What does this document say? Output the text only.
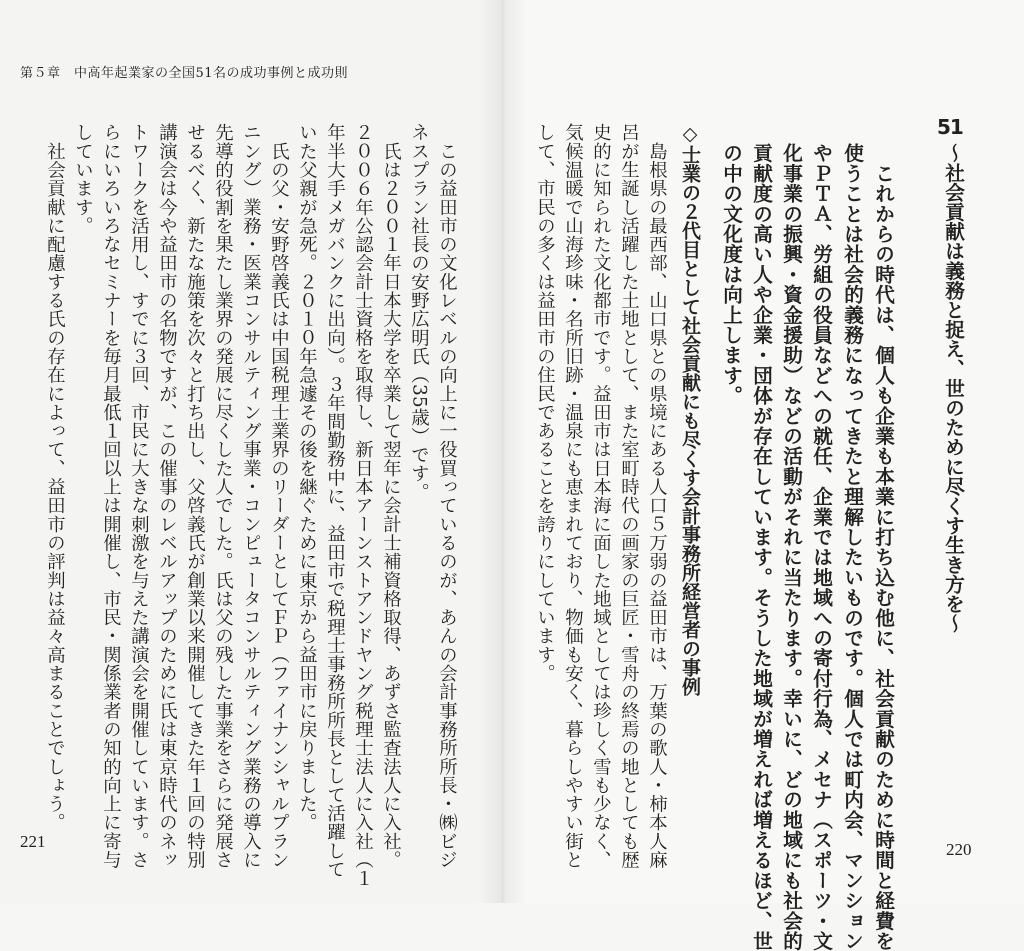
第５章　中高年起業家の全国51名の成功事例と成功則
221	220
51
〜社会貢献は義務と捉え、世のために尽くす生き方を〜
　これからの時代は、個人も企業も本業に打ち込む他に、社会貢献のために時間と経費を
使うことは社会的義務になってきたと理解したいものです。個人では町内会、マンション
やＰＴＡ、労組の役員などへの就任、企業では地域への寄付行為、メセナ（スポーツ・文
化事業の振興・資金援助）などの活動がそれに当たります。幸いに、どの地域にも社会的
貢献度の高い人や企業・団体が存在しています。そうした地域が増えれば増えるほど、世
の中の文化度は向上します。
◇士業の２代目として社会貢献にも尽くす会計事務所経営者の事例
　島根県の最西部、山口県との県境にある人口５万弱の益田市は、万葉の歌人・柿本人麻
呂が生誕し活躍した土地として、また室町時代の画家の巨匠・雪舟の終焉の地としても歴
史的に知られた文化都市です。益田市は日本海に面した地域としては珍しく雪も少なく、
気候温暖で山海珍味・名所旧跡・温泉にも恵まれており、物価も安く、暮らしやすい街と
して、市民の多くは益田市の住民であることを誇りにしています。
　この益田市の文化レベルの向上に一役買っているのが、あんの会計事務所所長・㈱ビジ
ネスプラン社長の安野広明氏（35歳）です。
　氏は２００１年日本大学を卒業して翌年に会計士補資格取得、あずさ監査法人に入社。
２００６年公認会計士資格を取得し、新日本アーンストアンドヤング税理士法人に入社（１
年半大手メガバンクに出向）。３年間勤務中に、益田市で税理士事務所所長として活躍して
いた父親が急死。２０１０年急遽その後を継ぐために東京から益田市に戻りました。
　氏の父・安野啓義氏は中国税理士業界のリーダーとしてＦＰ（ファイナンシャルプラン
ニング）業務・医業コンサルティング事業・コンピュータコンサルティング業務の導入に
先導的役割を果たし業界の発展に尽くした人でした。氏は父の残した事業をさらに発展さ
せるべく、新たな施策を次々と打ち出し、父啓義氏が創業以来開催してきた年１回の特別
講演会は今や益田市の名物ですが、この催事のレベルアップのために氏は東京時代のネッ
トワークを活用し、すでに３回、市民に大きな刺激を与えた講演会を開催しています。さ
らにいろいろなセミナーを毎月最低１回以上は開催し、市民・関係業者の知的向上に寄与
しています。
　社会貢献に配慮する氏の存在によって、益田市の評判は益々高まることでしょう。
